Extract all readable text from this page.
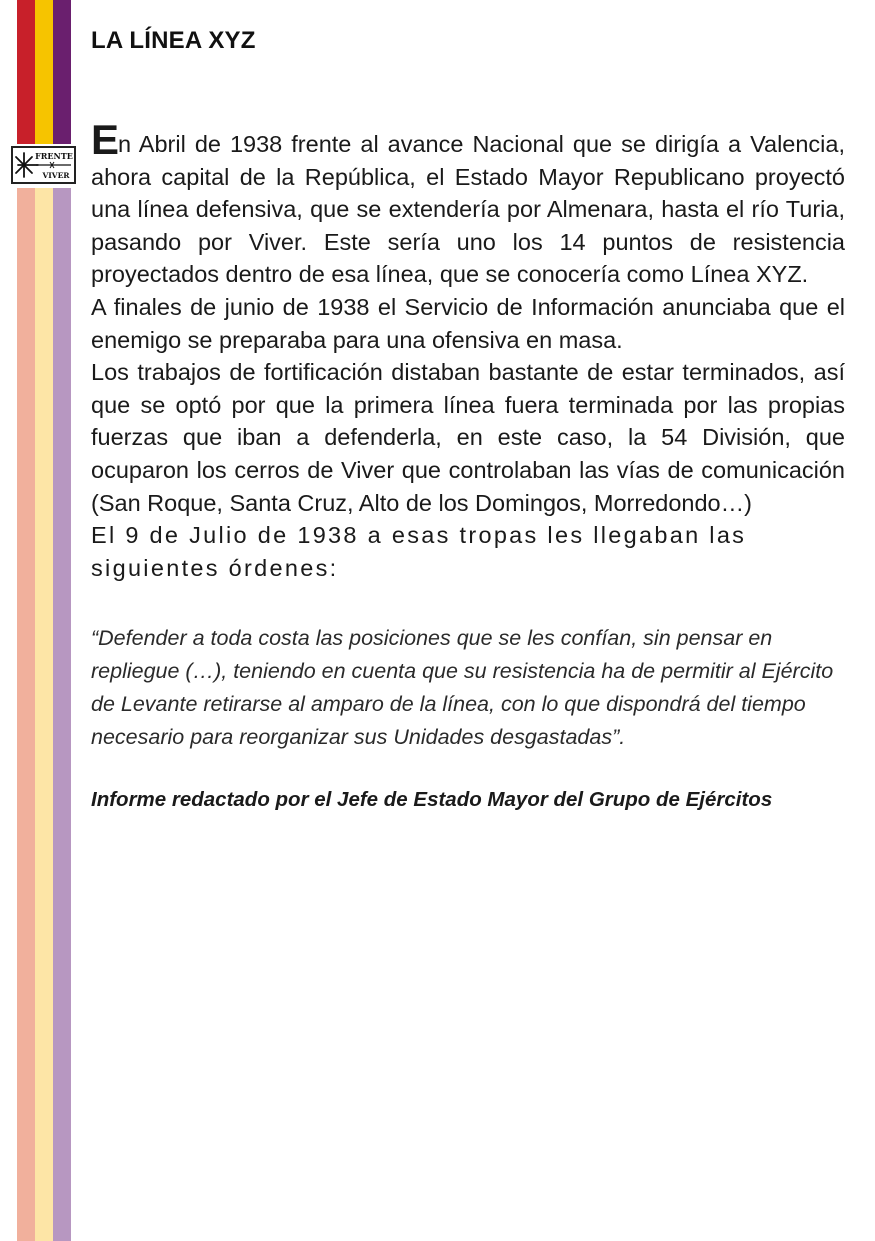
FRENTE
VIVER
LA LÍNEA XYZ

En Abril de 1938 frente al avance Nacional que se dirigía a Valencia, ahora capital de la República, el Estado Mayor Republicano proyectó una línea defensiva, que se extendería por Almenara, hasta el río Turia, pasando por Viver. Este sería uno los 14 puntos de resistencia proyectados dentro de esa línea, que se conocería como Línea XYZ.

A finales de junio de 1938 el Servicio de Información anunciaba que el enemigo se preparaba para una ofensiva en masa.

Los trabajos de fortificación distaban bastante de estar terminados, así que se optó por que la primera línea fuera terminada por las propias fuerzas que iban a defenderla, en este caso, la 54 División, que ocuparon los cerros de Viver que controlaban las vías de comunicación (San Roque, Santa Cruz, Alto de los Domingos, Morredondo…)

El 9 de Julio de 1938 a esas tropas les llegaban las siguientes órdenes:

“Defender a toda costa las posiciones que se les confían, sin pensar en repliegue (…), teniendo en cuenta que su resistencia ha de permitir al Ejército de Levante retirarse al amparo de la línea, con lo que dispondrá del tiempo necesario para reorganizar sus Unidades desgastadas”.

Informe redactado por el Jefe de Estado Mayor del Grupo de Ejércitos
